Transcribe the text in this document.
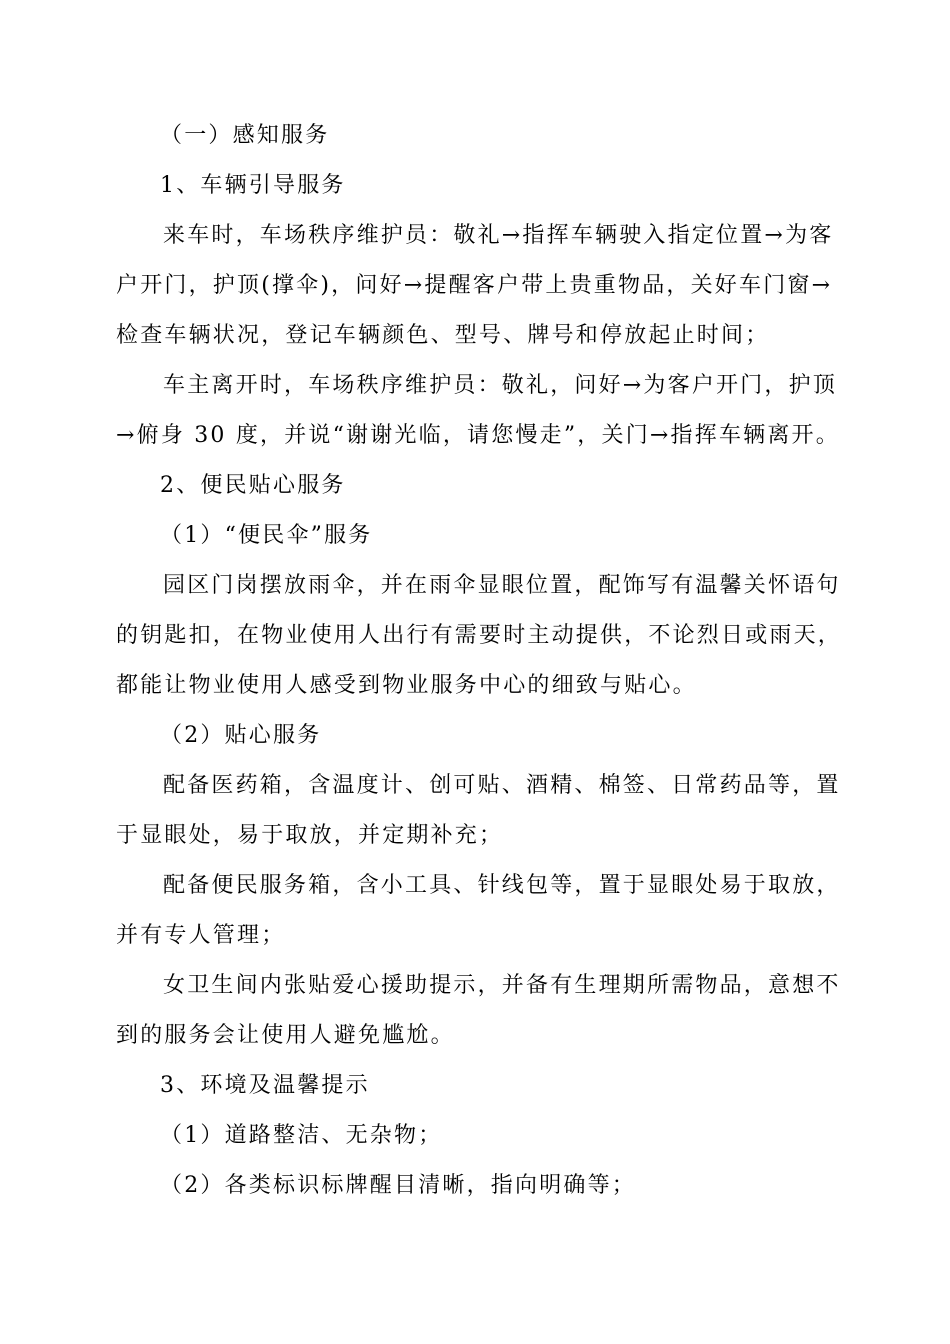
（一）感知服务
1、车辆引导服务
来车时，车场秩序维护员：敬礼→指挥车辆驶入指定位置→为客
户开门，护顶(撑伞)，问好→提醒客户带上贵重物品，关好车门窗→
检查车辆状况，登记车辆颜色、型号、牌号和停放起止时间；
车主离开时，车场秩序维护员：敬礼，问好→为客户开门，护顶
→俯身 30 度，并说“谢谢光临，请您慢走”，关门→指挥车辆离开。
2、便民贴心服务
（1）“便民伞”服务
园区门岗摆放雨伞，并在雨伞显眼位置，配饰写有温馨关怀语句
的钥匙扣，在物业使用人出行有需要时主动提供，不论烈日或雨天，
都能让物业使用人感受到物业服务中心的细致与贴心。
（2）贴心服务
配备医药箱，含温度计、创可贴、酒精、棉签、日常药品等，置
于显眼处，易于取放，并定期补充；
配备便民服务箱，含小工具、针线包等，置于显眼处易于取放，
并有专人管理；
女卫生间内张贴爱心援助提示，并备有生理期所需物品，意想不
到的服务会让使用人避免尴尬。
3、环境及温馨提示
（1）道路整洁、无杂物；
（2）各类标识标牌醒目清晰，指向明确等；
